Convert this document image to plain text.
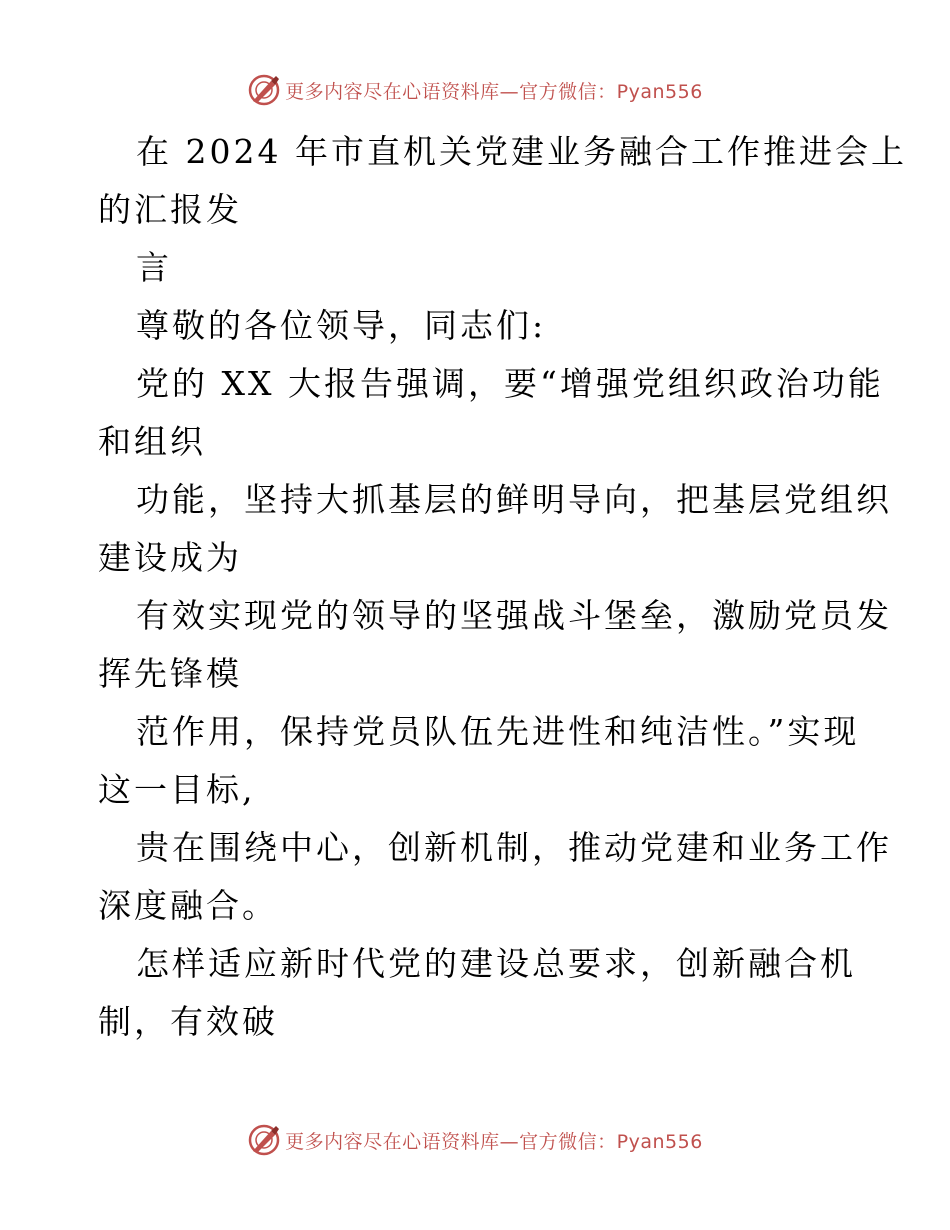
更多内容尽在心语资料库—官方微信：Pyan556
在 2024 年市直机关党建业务融合工作推进会上
的汇报发
言
尊敬的各位领导，同志们:
党的 XX 大报告强调，要“增强党组织政治功能
和组织
功能，坚持大抓基层的鲜明导向，把基层党组织
建设成为
有效实现党的领导的坚强战斗堡垒，激励党员发
挥先锋模
范作用，保持党员队伍先进性和纯洁性。”实现
这一目标,
贵在围绕中心，创新机制，推动党建和业务工作
深度融合。
怎样适应新时代党的建设总要求，创新融合机
制，有效破
更多内容尽在心语资料库—官方微信：Pyan556
